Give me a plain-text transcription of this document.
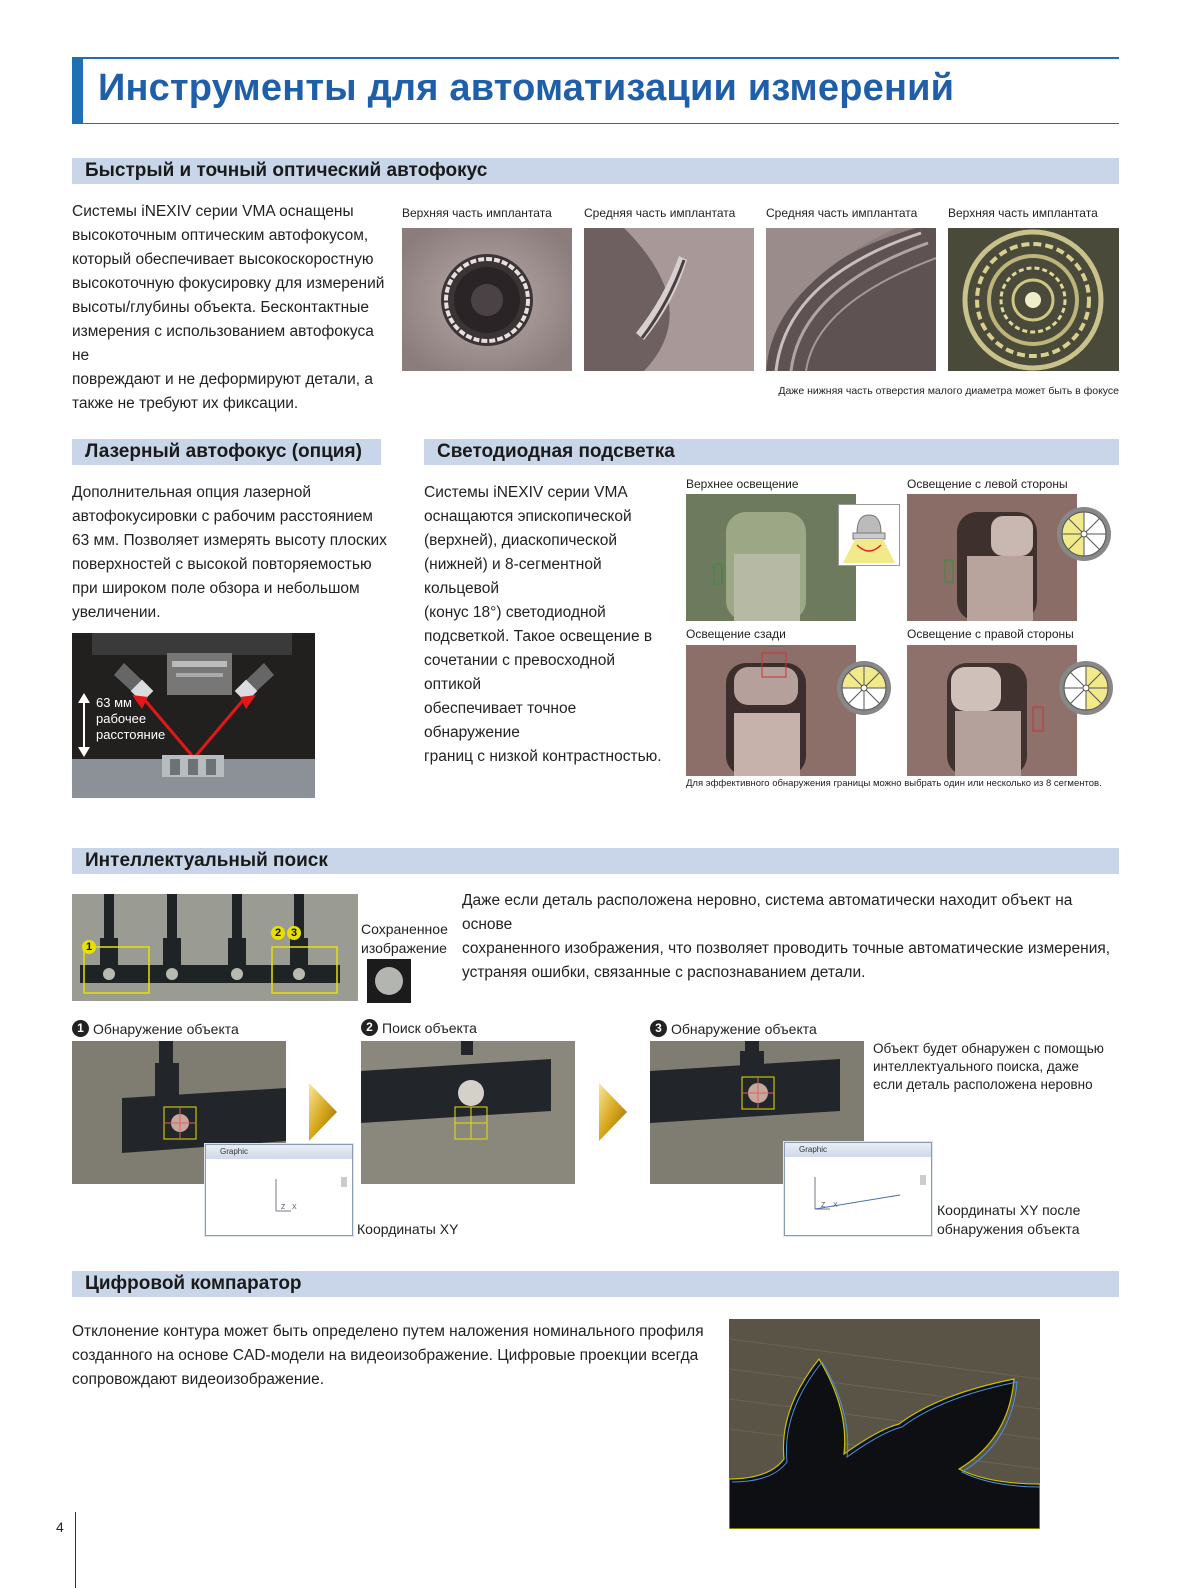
Инструменты для автоматизации измерений
Быстрый и точный оптический автофокус
Системы iNEXIV серии VMA оснащены
высокоточным оптическим автофокусом,
который обеспечивает высокоскоростную
высокоточную фокусировку для измерений
высоты/глубины объекта. Бесконтактные
измерения с использованием автофокуса не
повреждают и не деформируют детали, а
также не требуют их фиксации.
Верхняя часть имплантата	Средняя часть имплантата	Средняя часть имплантата	Верхняя часть имплантата
Даже нижняя часть отверстия малого диаметра может быть в фокусе
Лазерный автофокус (опция)
Дополнительная опция лазерной
автофокусировки с рабочим расстоянием
63 мм. Позволяет измерять высоту плоских
поверхностей с высокой повторяемостью
при широком поле обзора и небольшом
увеличении.
63 мм
рабочее
расстояние
Светодиодная подсветка
Системы iNEXIV серии VMA
оснащаются эпископической
(верхней), диаскопической
(нижней) и 8-сегментной кольцевой
(конус 18°) светодиодной
подсветкой. Такое освещение в
сочетании с превосходной оптикой
обеспечивает точное обнаружение
границ с низкой контрастностью.
Верхнее освещение	Освещение с левой стороны
Освещение сзади	Освещение с правой стороны
Для эффективного обнаружения границы можно выбрать один или несколько из 8 сегментов.
Интеллектуальный поиск
1
2 3	Сохраненное
изображение
Даже если деталь расположена неровно, система автоматически находит объект на основе
сохраненного изображения, что позволяет проводить точные автоматические измерения,
устраняя ошибки, связанные с распознаванием детали.
1 Обнаружение объекта	2 Поиск объекта	3 Обнаружение объекта
Graphic
Z X
Координаты XY
Graphic
Z X	Координаты XY после
обнаружения объекта
Объект будет обнаружен с помощью
интеллектуального поиска, даже
если деталь расположена неровно
Цифровой компаратор
Отклонение контура может быть определено путем наложения номинального профиля
созданного на основе CAD-модели на видеоизображение. Цифровые проекции всегда
сопровождают видеоизображение.
4
